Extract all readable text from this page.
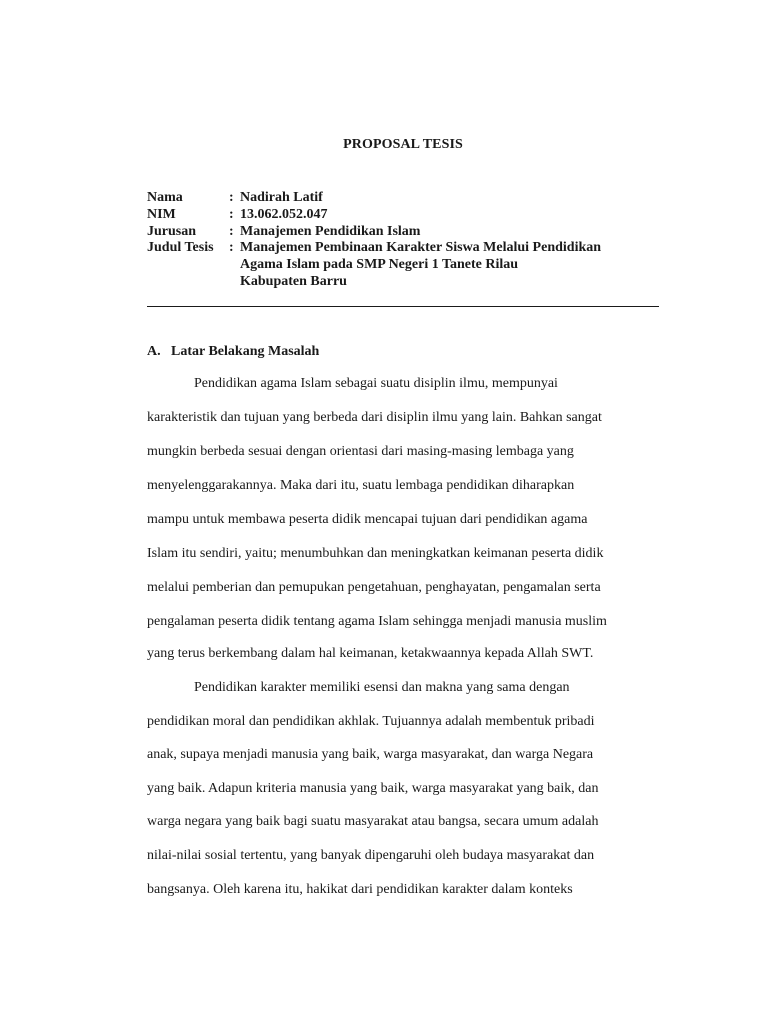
PROPOSAL TESIS
Nama	: Nadirah Latif
NIM	: 13.062.052.047
Jurusan : Manajemen Pendidikan Islam
Judul Tesis : Manajemen Pembinaan Karakter Siswa Melalui Pendidikan
Agama Islam pada SMP Negeri 1 Tanete Rilau
Kabupaten Barru
A. Latar Belakang Masalah
Pendidikan agama Islam sebagai suatu disiplin ilmu, mempunyai
karakteristik dan tujuan yang berbeda dari disiplin ilmu yang lain. Bahkan sangat
mungkin berbeda sesuai dengan orientasi dari masing-masing lembaga yang
menyelenggarakannya. Maka dari itu, suatu lembaga pendidikan diharapkan
mampu untuk membawa peserta didik mencapai tujuan dari pendidikan agama
Islam itu sendiri, yaitu; menumbuhkan dan meningkatkan keimanan peserta didik
melalui pemberian dan pemupukan pengetahuan, penghayatan, pengamalan serta
pengalaman peserta didik tentang agama Islam sehingga menjadi manusia muslim
yang terus berkembang dalam hal keimanan, ketakwaannya kepada Allah SWT.
Pendidikan karakter memiliki esensi dan makna yang sama dengan
pendidikan moral dan pendidikan akhlak. Tujuannya adalah membentuk pribadi
anak, supaya menjadi manusia yang baik, warga masyarakat, dan warga Negara
yang baik. Adapun kriteria manusia yang baik, warga masyarakat yang baik, dan
warga negara yang baik bagi suatu masyarakat atau bangsa, secara umum adalah
nilai-nilai sosial tertentu, yang banyak dipengaruhi oleh budaya masyarakat dan
bangsanya. Oleh karena itu, hakikat dari pendidikan karakter dalam konteks
